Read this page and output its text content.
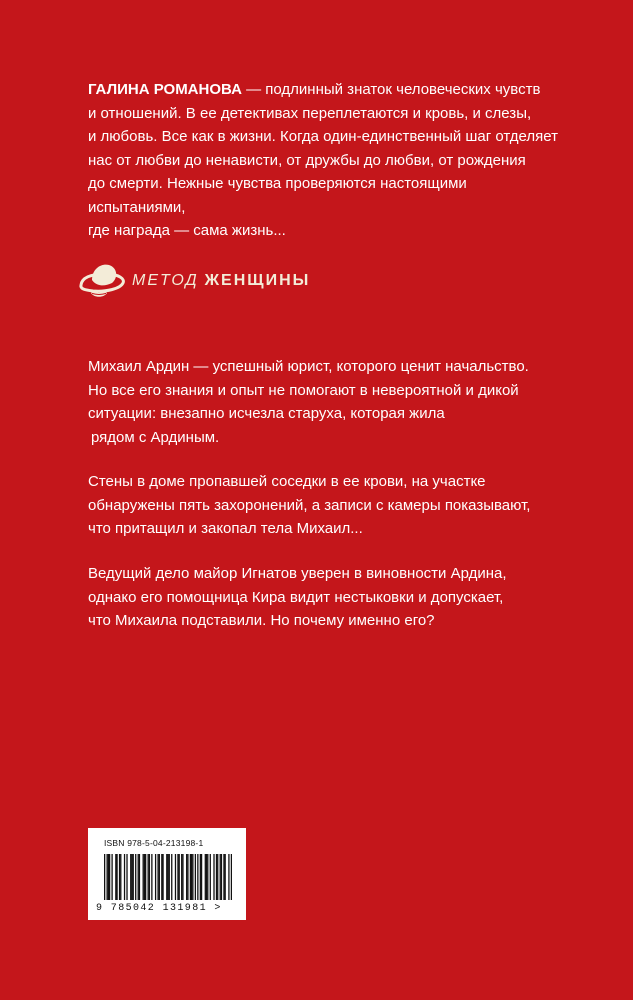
ГАЛИНА РОМАНОВА — подлинный знаток человеческих чувств
и отношений. В ее детективах переплетаются и кровь, и слезы,
и любовь. Все как в жизни. Когда один-единственный шаг отделяет
нас от любви до ненависти, от дружбы до любви, от рождения
до смерти. Нежные чувства проверяются настоящими испытаниями,
где награда — сама жизнь...

МЕТОД ЖЕНЩИНЫ

Михаил Ардин — успешный юрист, которого ценит начальство.
Но все его знания и опыт не помогают в невероятной и дикой
ситуации: внезапно исчезла старуха, которая жила
рядом с Ардиным.

Стены в доме пропавшей соседки в ее крови, на участке
обнаружены пять захоронений, а записи с камеры показывают,
что притащил и закопал тела Михаил...

Ведущий дело майор Игнатов уверен в виновности Ардина,
однако его помощница Кира видит нестыковки и допускает,
что Михаила подставили. Но почему именно его?

ISBN 978-5-04-213198-1
9 785042 131981 >
